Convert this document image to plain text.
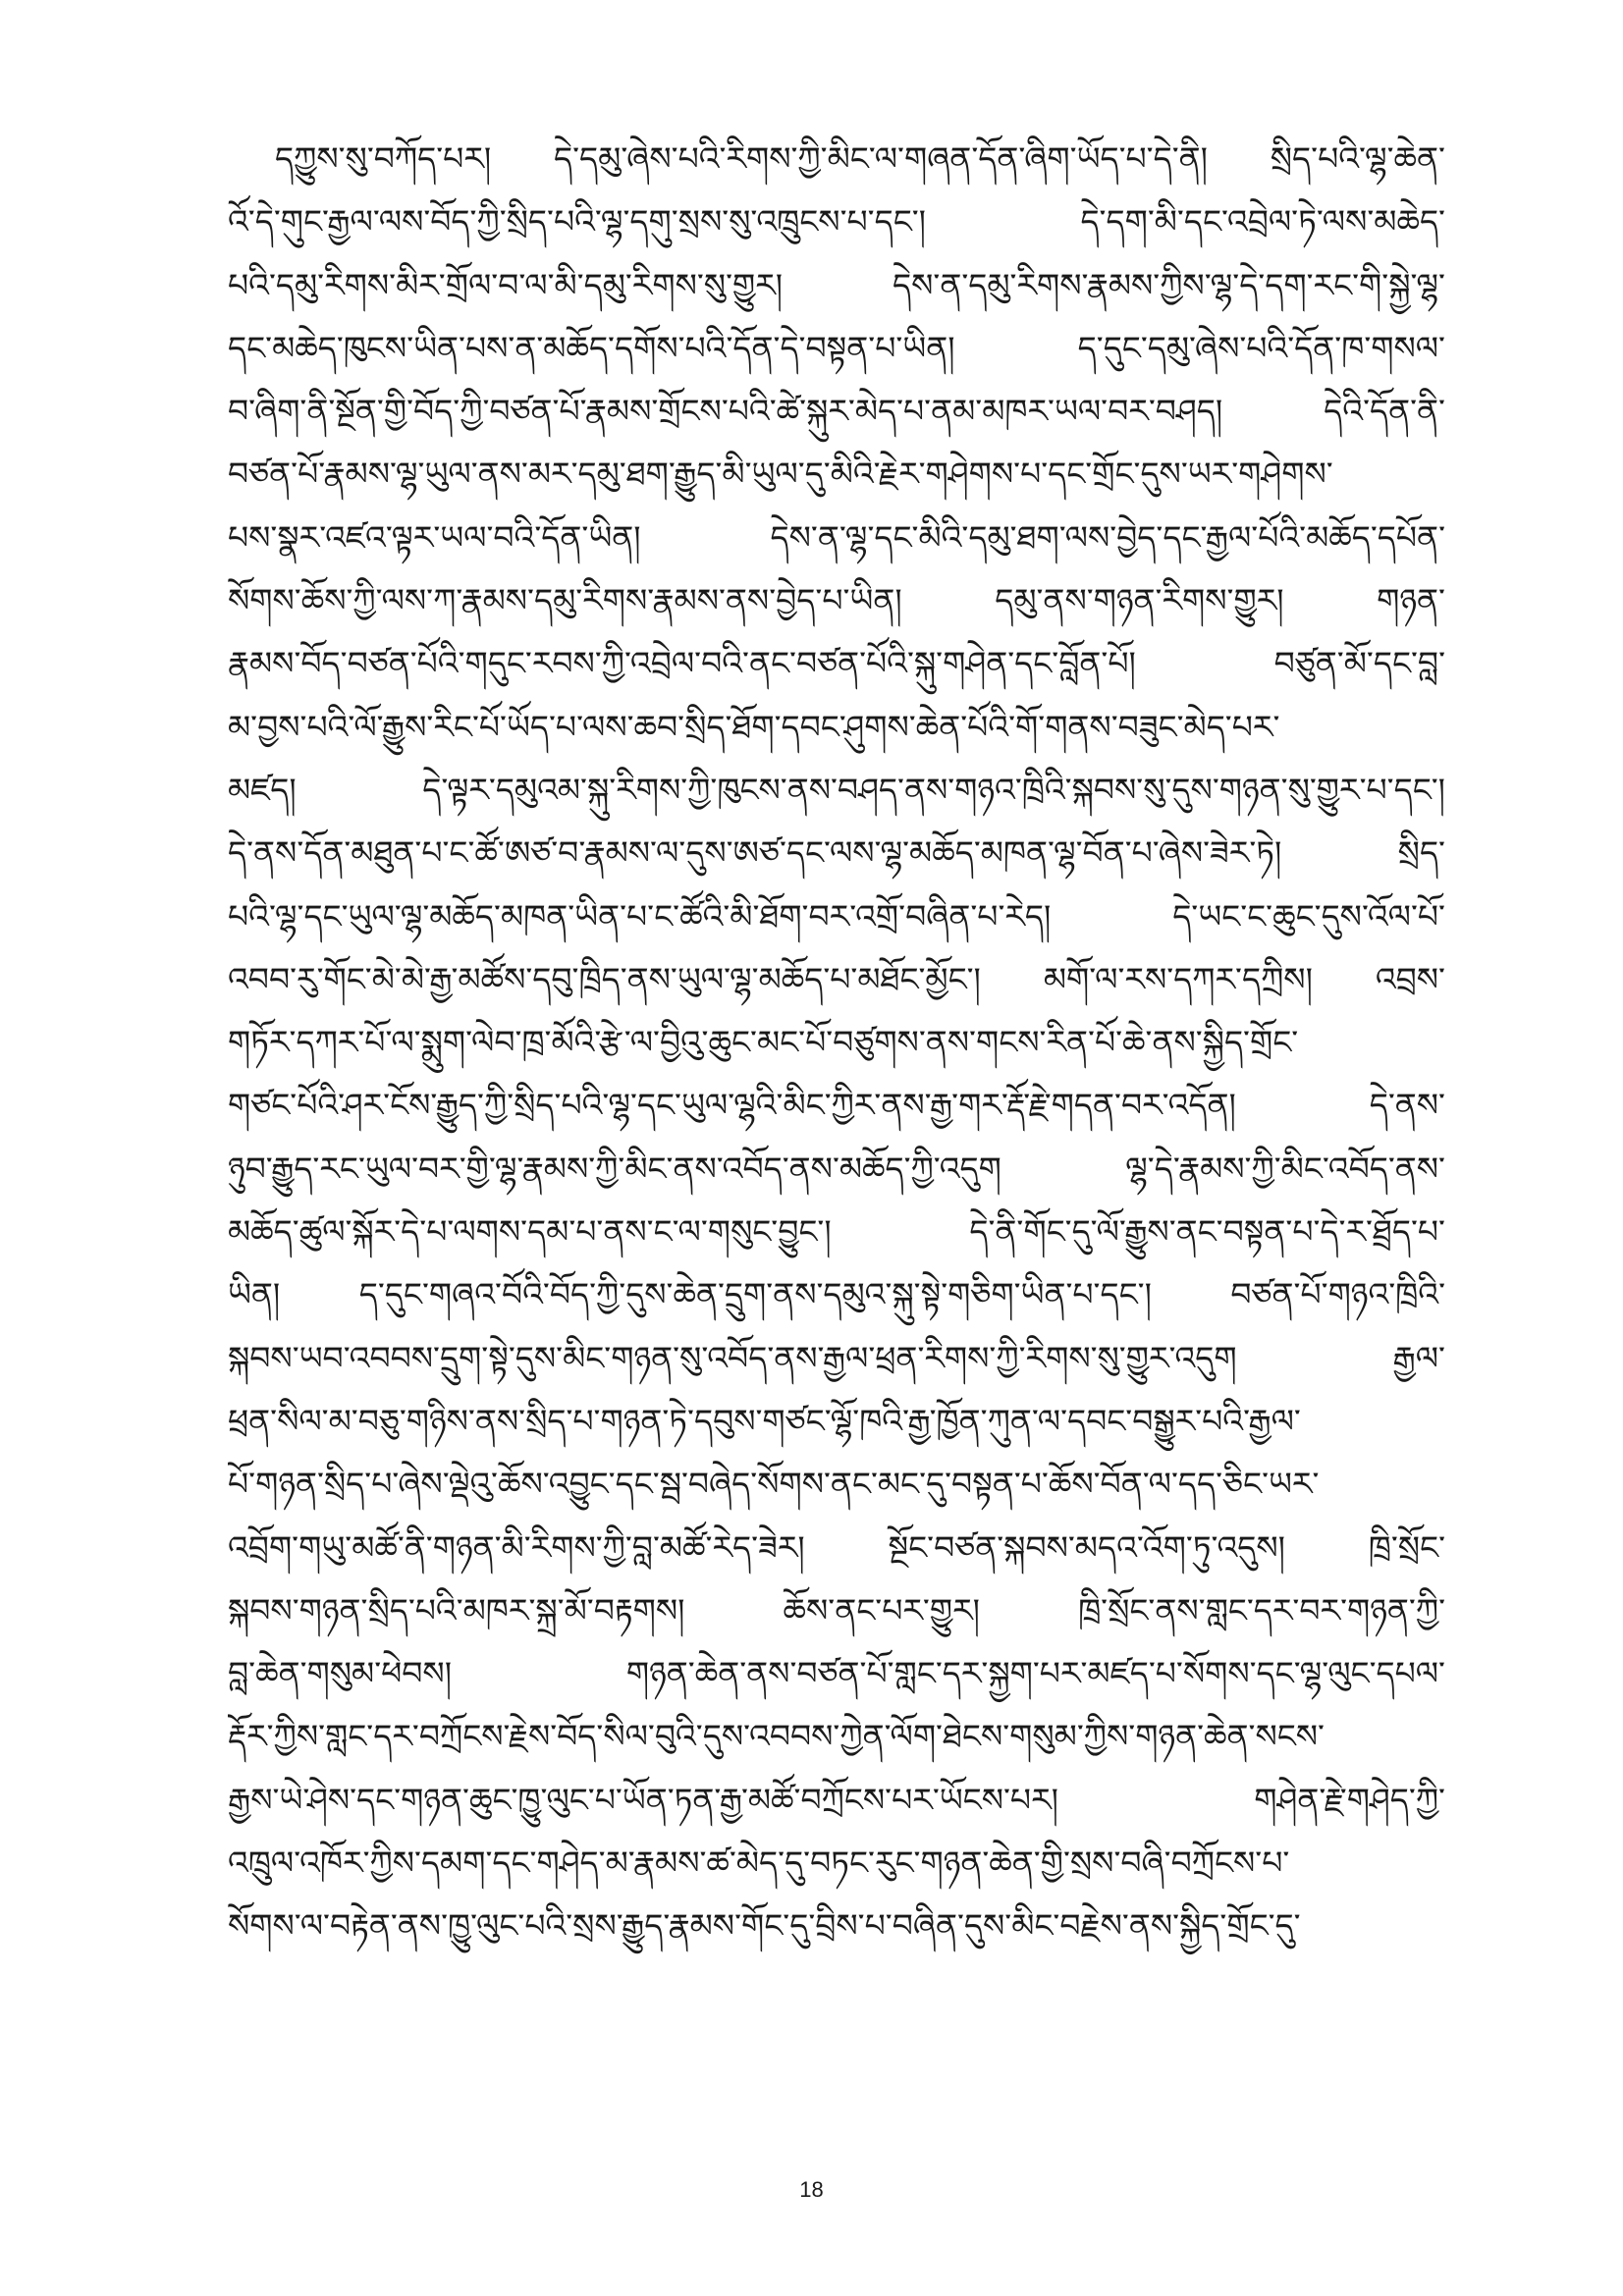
དཀྱུས་སུ་བཀོད་པར། དེ་དམུ་ཞེས་པའི་རིགས་ཀྱི་མིང་ལ་གཞན་དོན་ཞིག་ཡོད་པ་དེ་ནི། སྲིད་པའི་ལྷ་ཆེན་
འོ་དེ་གུང་རྒྱལ་ལས་བོད་ཀྱི་སྲིད་པའི་ལྷ་དགུ་སྲས་སུ་འཁྲུངས་པ་དང་། དེ་དག་མི་དང་འབྲེལ་ཏེ་ལས་མཆེད་
པའི་དམུ་རིགས་མིར་གྲོལ་བ་ལ་མི་དམུ་རིགས་སུ་གྱུར། དེས་ན་དམུ་རིགས་རྣམས་ཀྱིས་ལྷ་དེ་དག་རང་གི་སྐྱེ་ལྷ་
དང་མཆེད་ཁུངས་ཡིན་པས་ན་མཆོད་དགོས་པའི་དོན་དེ་བསྟན་པ་ཡིན། ད་དུང་དམུ་ཞེས་པའི་དོན་ཁ་གསལ་
བ་ཞིག་ནི་སྔོན་གྱི་བོད་ཀྱི་བཙན་པོ་རྣམས་གྲོངས་པའི་ཚེ་སྐུར་མེད་པ་ནམ་མཁར་ཡལ་བར་བཤད། དེའི་དོན་ནི་
བཙན་པོ་རྣམས་ལྷ་ཡུལ་ནས་མར་དམུ་ཐག་རྒྱུད་མི་ཡུལ་དུ་མིའི་རྗེར་གཤེགས་པ་དང་གྲོང་དུས་ཡར་གཤེགས་
པས་སྣར་འཛའ་ལྟར་ཡལ་བའི་དོན་ཡིན། དེས་ན་ལྷ་དང་མིའི་དམུ་ཐག་ལས་བྱེད་དང་རྒྱལ་པོའི་མཆོད་དཔོན་
སོགས་ཆོས་ཀྱི་ལས་ཀ་རྣམས་དམུ་རིགས་རྣམས་ནས་བྱེད་པ་ཡིན། དམུ་ནས་གཉན་རིགས་གྱུར། གཉན་
རྣམས་བོད་བཙན་པོའི་གདུང་རབས་ཀྱི་འབྲེལ་བའི་ནང་བཙན་པོའི་སྐུ་གཤེན་དང་བློན་པོ། བཙུན་མོ་དང་བླ་
མ་བྱས་པའི་ལོ་རྒྱུས་རིང་པོ་ཡོད་པ་ལས་ཆབ་སྲིད་ཐོག་དབང་ཤུགས་ཆེན་པོའི་གོ་གནས་བཟུང་མེད་པར་
མཛད། དེ་ལྟར་དམུའམ་སྐུ་རིགས་ཀྱི་ཁུངས་ནས་བཤད་ནས་གཉའ་ཁྲིའི་སྐབས་སུ་དུས་གཉན་སུ་གྱུར་པ་དང་།
དེ་ནས་དོན་མཐུན་པ་ང་ཚོ་ཨཙ་བ་རྣམས་ལ་དུས་ཨཙ་དང་ལས་ལྷ་མཆོད་མཁན་ལྷ་བོན་པ་ཞེས་ཟེར་ཏེ། སྲིད་
པའི་ལྷ་དང་ཡུལ་ལྷ་མཆོད་མཁན་ཡིན་པ་ང་ཚོའི་མི་ཐོག་བར་འགྲོ་བཞིན་པ་རེད། དེ་ཡང་ང་ཆུང་དུས་འོལ་པོ་
འབབ་རུ་གོང་མེ་མེ་རྒྱ་མཚོས་དབུ་ཁྲིད་ནས་ཡུལ་ལྷ་མཆོད་པ་མཐོང་མྱོང་། མགོ་ལ་རས་དཀར་དཀྲིས། འབྲས་
གཏོར་དཀར་པོ་ལ་སྨུག་ལེབ་ཁྲ་མོའི་རྩེ་ལ་བྱིའུ་ཆུང་མང་པོ་བཙུགས་ནས་གངས་རིན་པོ་ཆེ་ནས་སྐྱིད་གྲོང་
གཙང་པོའི་ཤར་ངོས་རྒྱུད་ཀྱི་སྲིད་པའི་ལྷ་དང་ཡུལ་ལྷའི་མིང་ཀྱིར་ནས་རྒྱ་གར་རྡོ་རྗེ་གདན་བར་འདོན། དེ་ནས་
ཉུབ་རྒྱུད་རང་ཡུལ་བར་གྱི་ལྷ་རྣམས་ཀྱི་མིང་ནས་འབོད་ནས་མཆོད་ཀྱི་འདུག ལྷ་དེ་རྣམས་ཀྱི་མིང་འབོད་ནས་
མཆོད་ཚུལ་སྐོར་དེ་པ་ལགས་དམ་པ་ནས་ང་ལ་གསུང་བྱུང་། དེ་ནི་གོང་དུ་ལོ་རྒྱུས་ནང་བསྟན་པ་དེ་ར་ཐྲོད་པ་
ཡིན། ད་དུང་གཞའ་བོའི་བོད་ཀྱི་དུས་ཆེན་དྲུག་ནས་དམུའ་སྐུ་སྟེ་གཅིག་ཡིན་པ་དང་། བཙན་པོ་གཉའ་ཁྲིའི་
སྐབས་ཡབ་འབབས་དྲུག་སྟེ་དུས་མིང་གཉན་སུ་འབོད་ནས་རྒྱལ་ཕྲན་རིགས་ཀྱི་རིགས་སུ་གྱུར་འདུག རྒྱལ་
ཕྲན་སིལ་མ་བཅུ་གཉིས་ནས་སྲིད་པ་གཉན་ཏེ་དབུས་གཙང་ལྷོ་ཁའི་རྒྱ་ཁྱོན་ཀུན་ལ་དབང་བསྒྱུར་པའི་རྒྱལ་
པོ་གཉན་སྲིད་པ་ཞེས་ལྡེའུ་ཆོས་འབྱུང་དང་སྦ་བཞེད་སོགས་ནང་མང་དུ་བསྟན་པ་ཆོས་བོན་ལ་དད་ཅིང་ཡར་
འབྲོག་གཡུ་མཚོ་ནི་གཉན་མི་རིགས་ཀྱི་བླ་མཚོ་རེད་ཟེར། སྔོང་བཙན་སྐབས་མདའ་འོག་ཏུ་འདུས། ཁྲི་སྲོང་
སྐབས་གཉན་སྲིད་པའི་མཁར་སྐྲ་མོ་བརྟགས། ཆོས་ནང་པར་གྱུར། ཁྲི་སྲོང་ནས་གླང་དར་བར་གཉན་ཀྱི་
བླ་ཆེན་གསུམ་ཕེབས། གཉན་ཆེན་ནས་བཙན་པོ་གླང་དར་སྐྱག་པར་མཛད་པ་སོགས་དང་ལྷ་ལུང་དཔལ་
རྡོར་ཀྱིས་གླང་དར་བཀྲོངས་རྗེས་བོད་སིལ་བུའི་དུས་འབབས་ཀྱེན་ལོག་ཐེངས་གསུམ་ཀྱིས་གཉན་ཆེན་སངས་
རྒྱས་ཡེ་ཤེས་དང་གཉན་ཆུང་ཁྱུ་ལུང་པ་ཡོན་ཏན་རྒྱ་མཚོ་བཀྲོངས་པར་ཡོངས་པར། གཤེན་རྗེ་གཤེད་ཀྱི་
འཁྲུལ་འཁོར་ཀྱིས་དམག་དང་གཤེད་མ་རྣམས་ཚ་མེད་དུ་བཏང་རུང་གཉན་ཆེན་གྱི་སྲས་བཞི་བཀྲོངས་པ་
སོགས་ལ་བརྟེན་ནས་ཁྱུ་ལུང་པའི་སྲས་རྒྱུད་རྣམས་གོང་དུ་བྲིས་པ་བཞིན་དུས་མིང་བརྗེས་ནས་སྐྱིད་གྲོང་དུ་
18
